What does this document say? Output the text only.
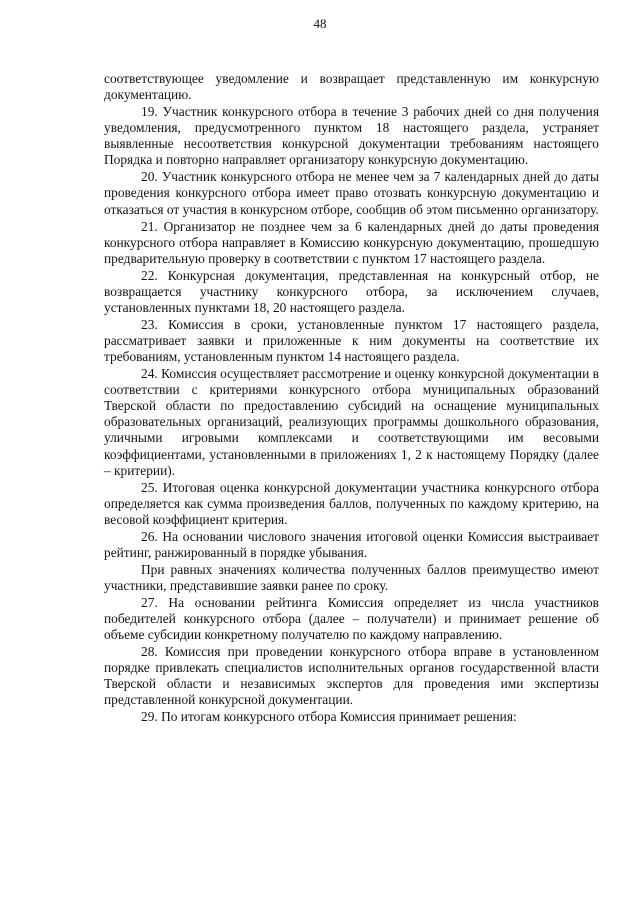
48

соответствующее уведомление и возвращает представленную им конкурсную документацию.

19. Участник конкурсного отбора в течение 3 рабочих дней со дня получения уведомления, предусмотренного пунктом 18 настоящего раздела, устраняет выявленные несоответствия конкурсной документации требованиям настоящего Порядка и повторно направляет организатору конкурсную документацию.

20. Участник конкурсного отбора не менее чем за 7 календарных дней до даты проведения конкурсного отбора имеет право отозвать конкурсную документацию и отказаться от участия в конкурсном отборе, сообщив об этом письменно организатору.

21. Организатор не позднее чем за 6 календарных дней до даты проведения конкурсного отбора направляет в Комиссию конкурсную документацию, прошедшую предварительную проверку в соответствии с пунктом 17 настоящего раздела.

22. Конкурсная документация, представленная на конкурсный отбор, не возвращается участнику конкурсного отбора, за исключением случаев, установленных пунктами 18, 20 настоящего раздела.

23. Комиссия в сроки, установленные пунктом 17 настоящего раздела, рассматривает заявки и приложенные к ним документы на соответствие их требованиям, установленным пунктом 14 настоящего раздела.

24. Комиссия осуществляет рассмотрение и оценку конкурсной документации в соответствии с критериями конкурсного отбора муниципальных образований Тверской области по предоставлению субсидий на оснащение муниципальных образовательных организаций, реализующих программы дошкольного образования, уличными игровыми комплексами и соответствующими им весовыми коэффициентами, установленными в приложениях 1, 2 к настоящему Порядку (далее – критерии).

25. Итоговая оценка конкурсной документации участника конкурсного отбора определяется как сумма произведения баллов, полученных по каждому критерию, на весовой коэффициент критерия.

26. На основании числового значения итоговой оценки Комиссия выстраивает рейтинг, ранжированный в порядке убывания.

При равных значениях количества полученных баллов преимущество имеют участники, представившие заявки ранее по сроку.

27. На основании рейтинга Комиссия определяет из числа участников победителей конкурсного отбора (далее – получатели) и принимает решение об объеме субсидии конкретному получателю по каждому направлению.

28. Комиссия при проведении конкурсного отбора вправе в установленном порядке привлекать специалистов исполнительных органов государственной власти Тверской области и независимых экспертов для проведения ими экспертизы представленной конкурсной документации.

29. По итогам конкурсного отбора Комиссия принимает решения:
